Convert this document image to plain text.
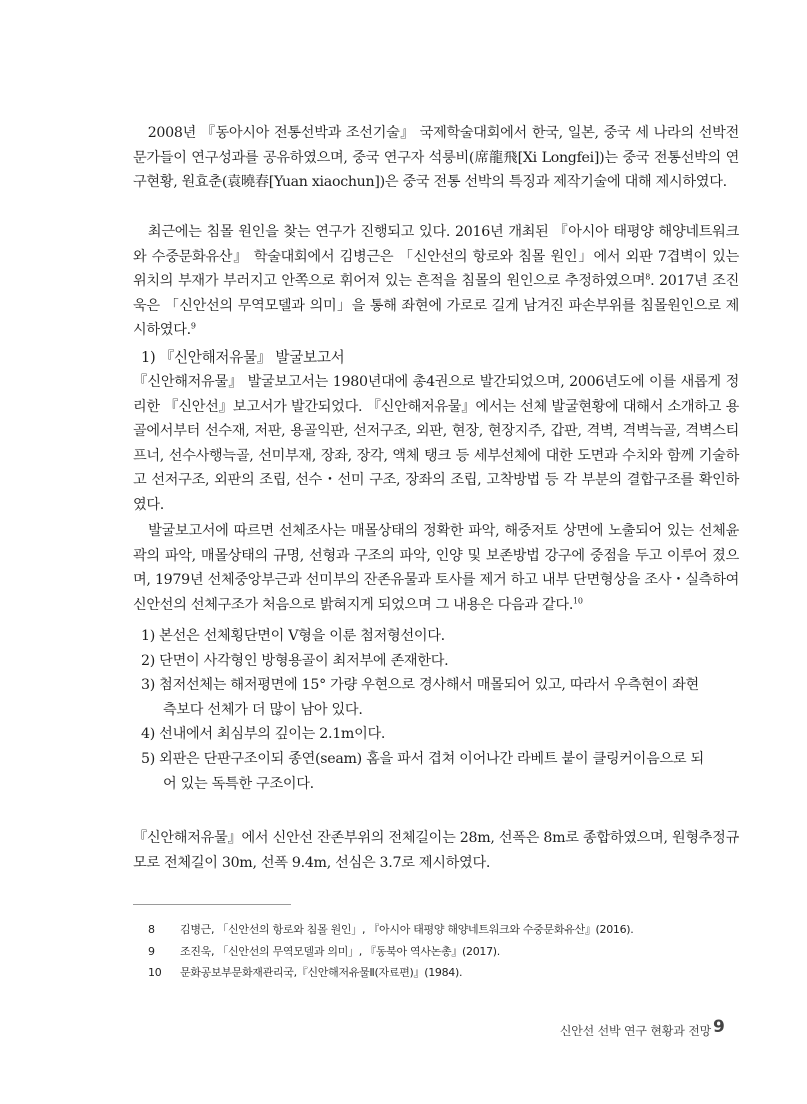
2008년 『동아시아 전통선박과 조선기술』 국제학술대회에서 한국, 일본, 중국 세 나라의 선박전문가들이 연구성과를 공유하였으며, 중국 연구자 석룽비(席龍飛[Xi Longfei])는 중국 전통선박의 연구현황, 원효춘(袁曉春[Yuan xiaochun])은 중국 전통 선박의 특징과 제작기술에 대해 제시하였다.

최근에는 침몰 원인을 찾는 연구가 진행되고 있다. 2016년 개최된 『아시아 태평양 해양네트워크와 수중문화유산』 학술대회에서 김병근은 「신안선의 항로와 침몰 원인」에서 외판 7겹벽이 있는 위치의 부재가 부러지고 안쪽으로 휘어져 있는 흔적을 침몰의 원인으로 추정하였으며$^8$. 2017년 조진욱은 「신안선의 무역모델과 의미」을 통해 좌현에 가로로 길게 남겨진 파손부위를 침몰원인으로 제시하였다.$^9$

1) 『신안해저유물』 발굴보고서

『신안해저유물』 발굴보고서는 1980년대에 총4권으로 발간되었으며, 2006년도에 이를 새롭게 정리한 『신안선』보고서가 발간되었다. 『신안해저유물』에서는 선체 발굴현황에 대해서 소개하고 용골에서부터 선수재, 저판, 용골익판, 선저구조, 외판, 현장, 현장지주, 갑판, 격벽, 격벽늑골, 격벽스티프너, 선수사행늑골, 선미부재, 장좌, 장각, 액체 탱크 등 세부선체에 대한 도면과 수치와 함께 기술하고 선저구조, 외판의 조립, 선수・선미 구조, 장좌의 조립, 고착방법 등 각 부분의 결합구조를 확인하였다.

발굴보고서에 따르면 선체조사는 매몰상태의 정확한 파악, 해중저토 상면에 노출되어 있는 선체윤곽의 파악, 매몰상태의 규명, 선형과 구조의 파악, 인양 및 보존방법 강구에 중점을 두고 이루어 졌으며, 1979년 선체중앙부근과 선미부의 잔존유물과 토사를 제거 하고 내부 단면형상을 조사・실측하여 신안선의 선체구조가 처음으로 밝혀지게 되었으며 그 내용은 다음과 같다.$^{10}$

1) 본선은 선체횡단면이 V형을 이룬 첨저형선이다.
2) 단면이 사각형인 방형용골이 최저부에 존재한다.
3) 첨저선체는 해저평면에 15° 가량 우현으로 경사해서 매몰되어 있고, 따라서 우측현이 좌현
측보다 선체가 더 많이 남아 있다.
4) 선내에서 최심부의 깊이는 2.1m이다.
5) 외판은 단판구조이되 종연(seam) 홈을 파서 겹쳐 이어나간 라베트 붙이 클링커이음으로 되
어 있는 독특한 구조이다.

『신안해저유물』에서 신안선 잔존부위의 전체길이는 28m, 선폭은 8m로 종합하였으며, 원형추정규모로 전체길이 30m, 선폭 9.4m, 선심은 3.7로 제시하였다.

8	김병근, 「신안선의 항로와 침몰 원인」, 『아시아 태평양 해양네트워크와 수중문화유산』(2016).
9	조진욱, 「신안선의 무역모델과 의미」, 『동북아 역사논총』(2017).
10	문화공보부문화재관리국,『신안해저유물Ⅱ(자료편)』(1984).
신안선 선박 연구 현황과 전망 9
